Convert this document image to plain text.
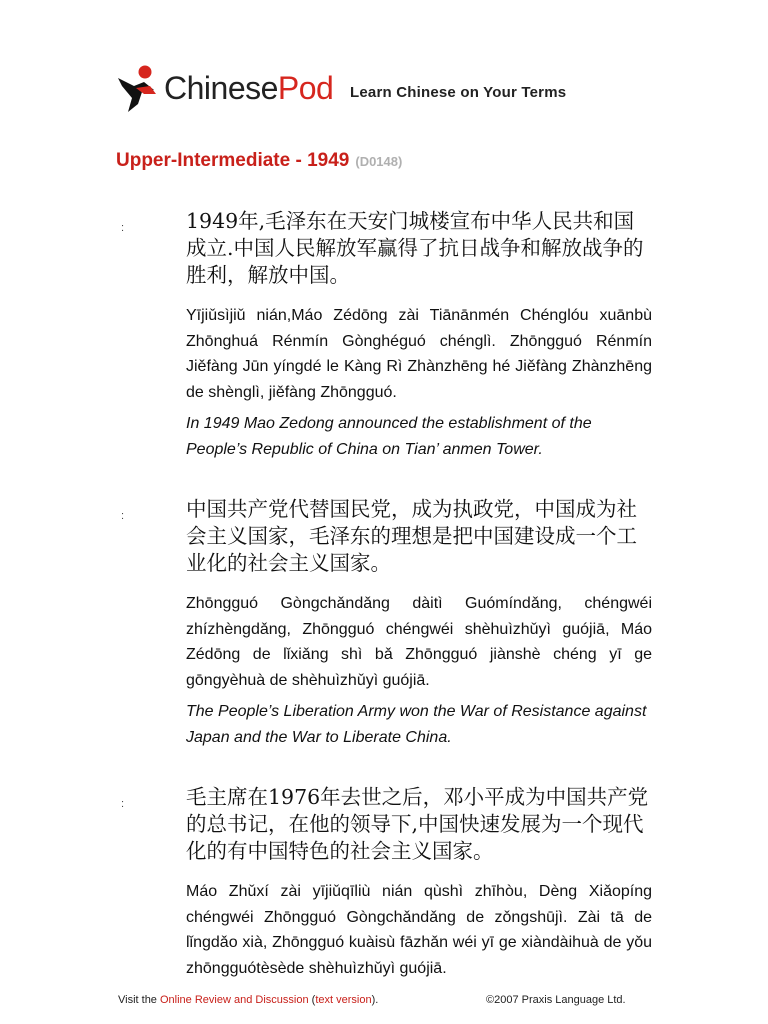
ChinesePod Learn Chinese on Your Terms
Upper-Intermediate - 1949 (D0148)
:	1949年,毛泽东在天安门城楼宣布中华人民共和国成立.中国人民解放军赢得了抗日战争和解放战争的胜利，解放中国。

Yījiǔsìjiǔ nián,Máo Zédōng zài Tiānānmén Chénglóu xuānbù Zhōnghuá Rénmín Gònghéguó chénglì. Zhōngguó Rénmín Jiěfàng Jūn yíngdé le Kàng Rì Zhànzhēng hé Jiěfàng Zhànzhēng de shènglì, jiěfàng Zhōngguó.

In 1949 Mao Zedong announced the establishment of the People’s Republic of China on Tian’ anmen Tower.

:	中国共产党代替国民党，成为执政党，中国成为社会主义国家，毛泽东的理想是把中国建设成一个工业化的社会主义国家。

Zhōngguó Gòngchǎndǎng dàitì Guómíndǎng, chéngwéi zhízhèngdǎng, Zhōngguó chéngwéi shèhuìzhǔyì guójiā, Máo Zédōng de lǐxiǎng shì bǎ Zhōngguó jiànshè chéng yī ge gōngyèhuà de shèhuìzhǔyì guójiā.

The People’s Liberation Army won the War of Resistance against Japan and the War to Liberate China.

:	毛主席在1976年去世之后，邓小平成为中国共产党的总书记，在他的领导下,中国快速发展为一个现代化的有中国特色的社会主义国家。

Máo Zhǔxí zài yījiǔqīliù nián qùshì zhīhòu, Dèng Xiǎopíng chéngwéi Zhōngguó Gòngchǎndǎng de zǒngshūjì. Zài tā de lǐngdǎo xià, Zhōngguó kuàisù fāzhǎn wéi yī ge xiàndàihuà de yǒu zhōngguótèsède shèhuìzhǔyì guójiā.

Visit the Online Review and Discussion (text version).	©2007 Praxis Language Ltd.
